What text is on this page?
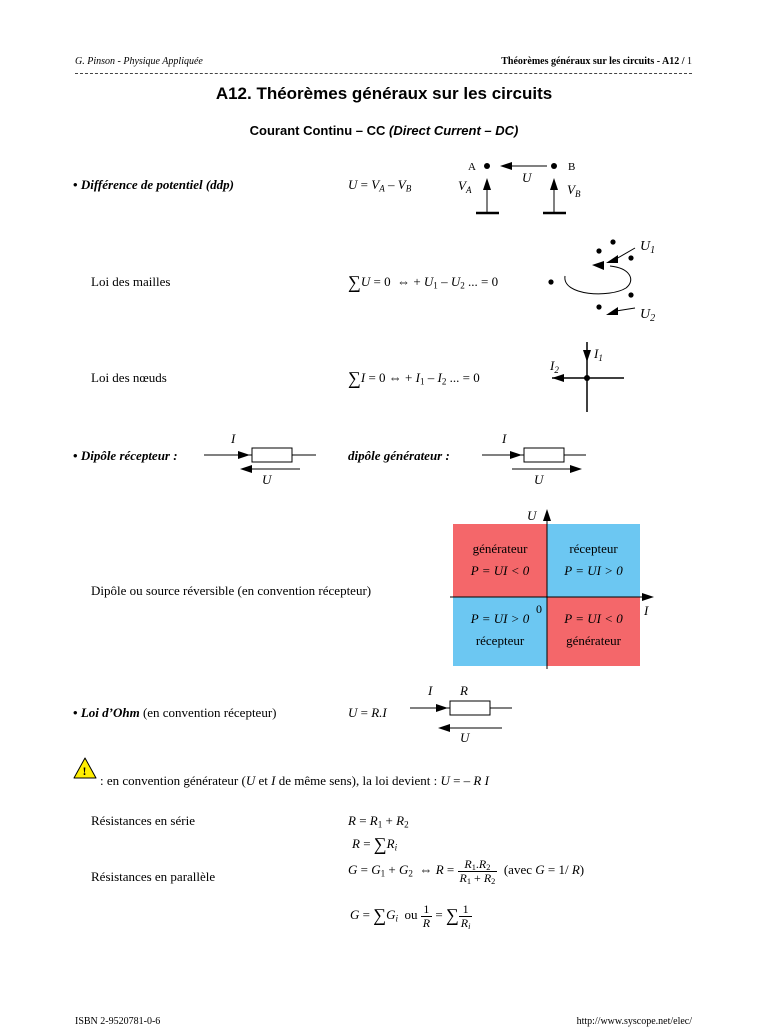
G. Pinson - Physique Appliquée	Théorèmes généraux sur les circuits - A12 / 1
A12. Théorèmes généraux sur les circuits
Courant Continu – CC (Direct Current – DC)
• Différence de potentiel (ddp)	$U = V_A - V_B$
A	B
U
$V_A$	$V_B$
Loi des mailles	∑U = 0  ⇔ + $U_1 - U_2$ ... = 0
$U_1$
$U_2$
Loi des nœuds	∑I = 0 ⇔ + $I_1 - I_2$ ... = 0
$I_1$
$I_2$
• Dipôle récepteur :
I
U
dipôle générateur :
I
U
Dipôle ou source réversible (en convention récepteur)
générateur
P = UI < 0
récepteur
P = UI > 0
P = UI > 0
récepteur
P = UI < 0
générateur
U
I
0
• Loi d’Ohm (en convention récepteur)	U = R.I
I R
U
!
: en convention générateur (U et I de même sens), la loi devient : U = – R I
Résistances en série	$R = R_1 + R_2$
$R = \sum R_i$
Résistances en parallèle	$G = G_1 + G_2$  ⇔ $R = \frac{R_1.R_2}{R_1 + R_2}$ (avec G = 1/ R)
$G = \sum G_i$ ou $\frac{1}{R}$ = ∑ $\frac{1}{R_i}$
ISBN 2-9520781-0-6	http://www.syscope.net/elec/
